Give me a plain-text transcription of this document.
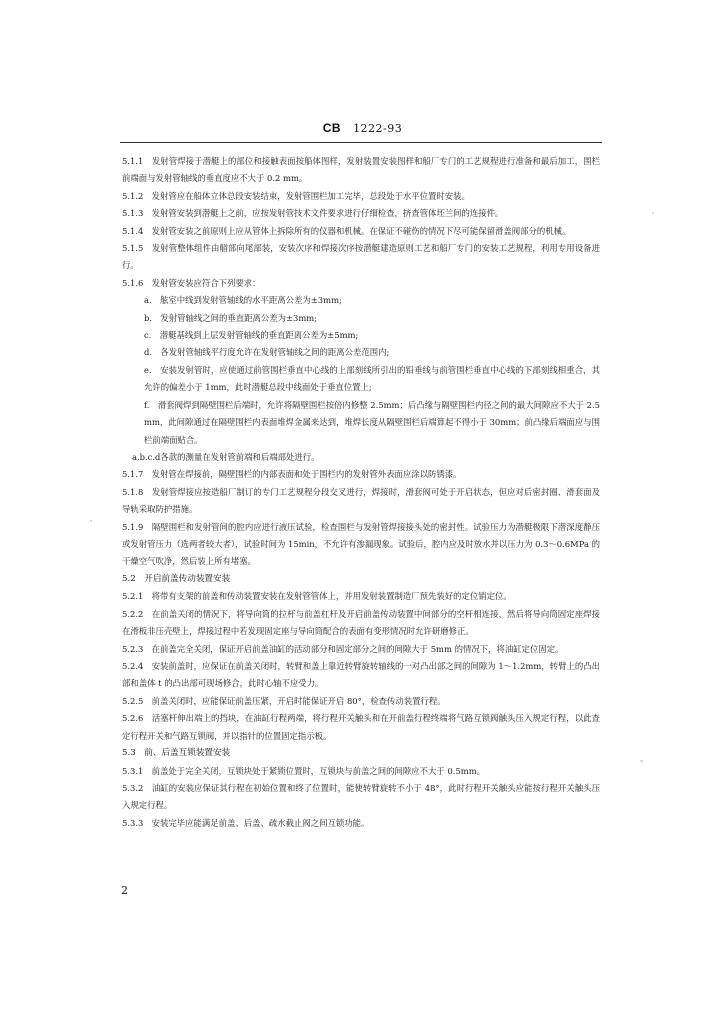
CB 1222-93

5.1.1　发射管焊接于潜艇上的部位和接触表面按船体图样，发射装置安装图样和船厂专门的工艺规程进行准备和最后加工，围栏前端面与发射管轴线的垂直度应不大于 0.2 mm。

5.1.2　发射管应在船体立体总段安装结束，发射管围栏加工完毕，总段处于水平位置时安装。

5.1.3　发射管安装到潜艇上之前，应按发射管技术文件要求进行仔细检查，挤查管体坯兰间的连接件。

5.1.4　发射管安装之前原则上应从管体上拆除所有的仪器和机械。在保证不碰伤的情况下尽可能保留滑盖阀部分的机械。

5.1.5　发射管整体组件由艏部向尾部装，安装次序和焊接次序按潜艇建造原则工艺和船厂专门的安装工艺规程，利用专用设备进行。

5.1.6　发射管安装应符合下列要求：

a.　舷室中线到发射管轴线的水平距离公差为±3mm;

b.　发射管轴线之间的垂直距离公差为±3mm;

c.　潜艇基线到上层发射管轴线的垂直距离公差为±5mm;

d.　各发射管轴线平行度允许在发射管轴线之间的距离公差范围内;

e.　安装发射管时，应使通过前管围栏垂直中心线的上部刻线所引出的铅垂线与前管围栏垂直中心线的下部刻线相重合，其允许的偏差小于 1mm，此时潜艇总段中线面处于垂直位置上;

f.　滑套阀焊到隔壁围栏后端时，允许将隔壁围栏按倍内修整 2.5mm；后凸缘与隔壁围栏内径之间的最大间隙应不大于 2.5mm，此间隙通过在隔壁围栏内表面堆焊金属来达到，堆焊长度从隔壁围栏后端算起不得小于 30mm；前凸缘后端面应与围栏前端面贴合。

a.b.c.d各款的测量在发射管前端和后端部处进行。

5.1.7　发射管在焊接前，隔壁围栏的内部表面和处于围栏内的发射管外表面应涂以防锈漆。

5.1.8　发射管焊接应按造船厂制订的专门工艺规程分段交叉进行，焊接时，滑套阀可处于开启状态，但应对后密封圈、滑套面及导轨采取防护措施。

5.1.9　隔壁围栏和发射管间的腔内应进行液压试验，检查围栏与发射管焊接接头处的密封性。试验压力为潜艇极限下潜深度静压或发射管压力（选两者较大者），试验时间为 15min，不允许有渗漏现象。试验后，腔内应及时放水并以压力为 0.3～0.6MPa 的干燥空气吹净，然后装上所有堵塞。

5.2　开启前盖传动装置安装

5.2.1　将带有支架的前盖和传动装置安装在发射管管体上，并用发射装置制造厂预先装好的定位销定位。

5.2.2　在前盖关闭的情况下，将导向筒的拉杆与前盖杠杆及开启前盖传动装置中间部分的空杆相连接，然后将导向筒固定座焊接在滑板非压壳壁上，焊接过程中若发现固定座与导向筒配合的表面有变形情况时允许研磨修正。

5.2.3　在前盖完全关闭，保证开启前盖油缸的活动部分和固定部分之间的间隙大于 5mm 的情况下，将油缸定位固定。

5.2.4　安装前盖时，应保证在前盖关闭时，转臂和盖上靠近转臂旋转轴线的一对凸出部之间的间隙为 1～1.2mm，转臂上的凸出部和盖体 t 的凸出部可现场修合，此时心轴不应受力。

5.2.5　前盖关闭时，应能保证前盖压紧，开启时能保证开启 80°，检查传动装置行程。

5.2.6　活塞杆伸出端上的挡块，在油缸行程两端，将行程开关触头和在开前盖行程终端将气路互锁阀触头压入规定行程，以此查定行程开关和气路互锁阀，并以指针的位置固定指示板。

5.3　前、后盖互锁装置安装

5.3.1　前盖处于完全关闭，互锁块处于紧锁位置时，互锁块与前盖之间的间隙应不大于 0.5mm。

5.3.2　油缸的安装应保证其行程在初始位置和终了位置时，能使转臂旋转不小于 48°，此时行程开关触头应能按行程开关触头压入规定行程。

5.3.3　安装完毕应能满足前盖、后盖、疏水截止阀之间互锁功能。

2
